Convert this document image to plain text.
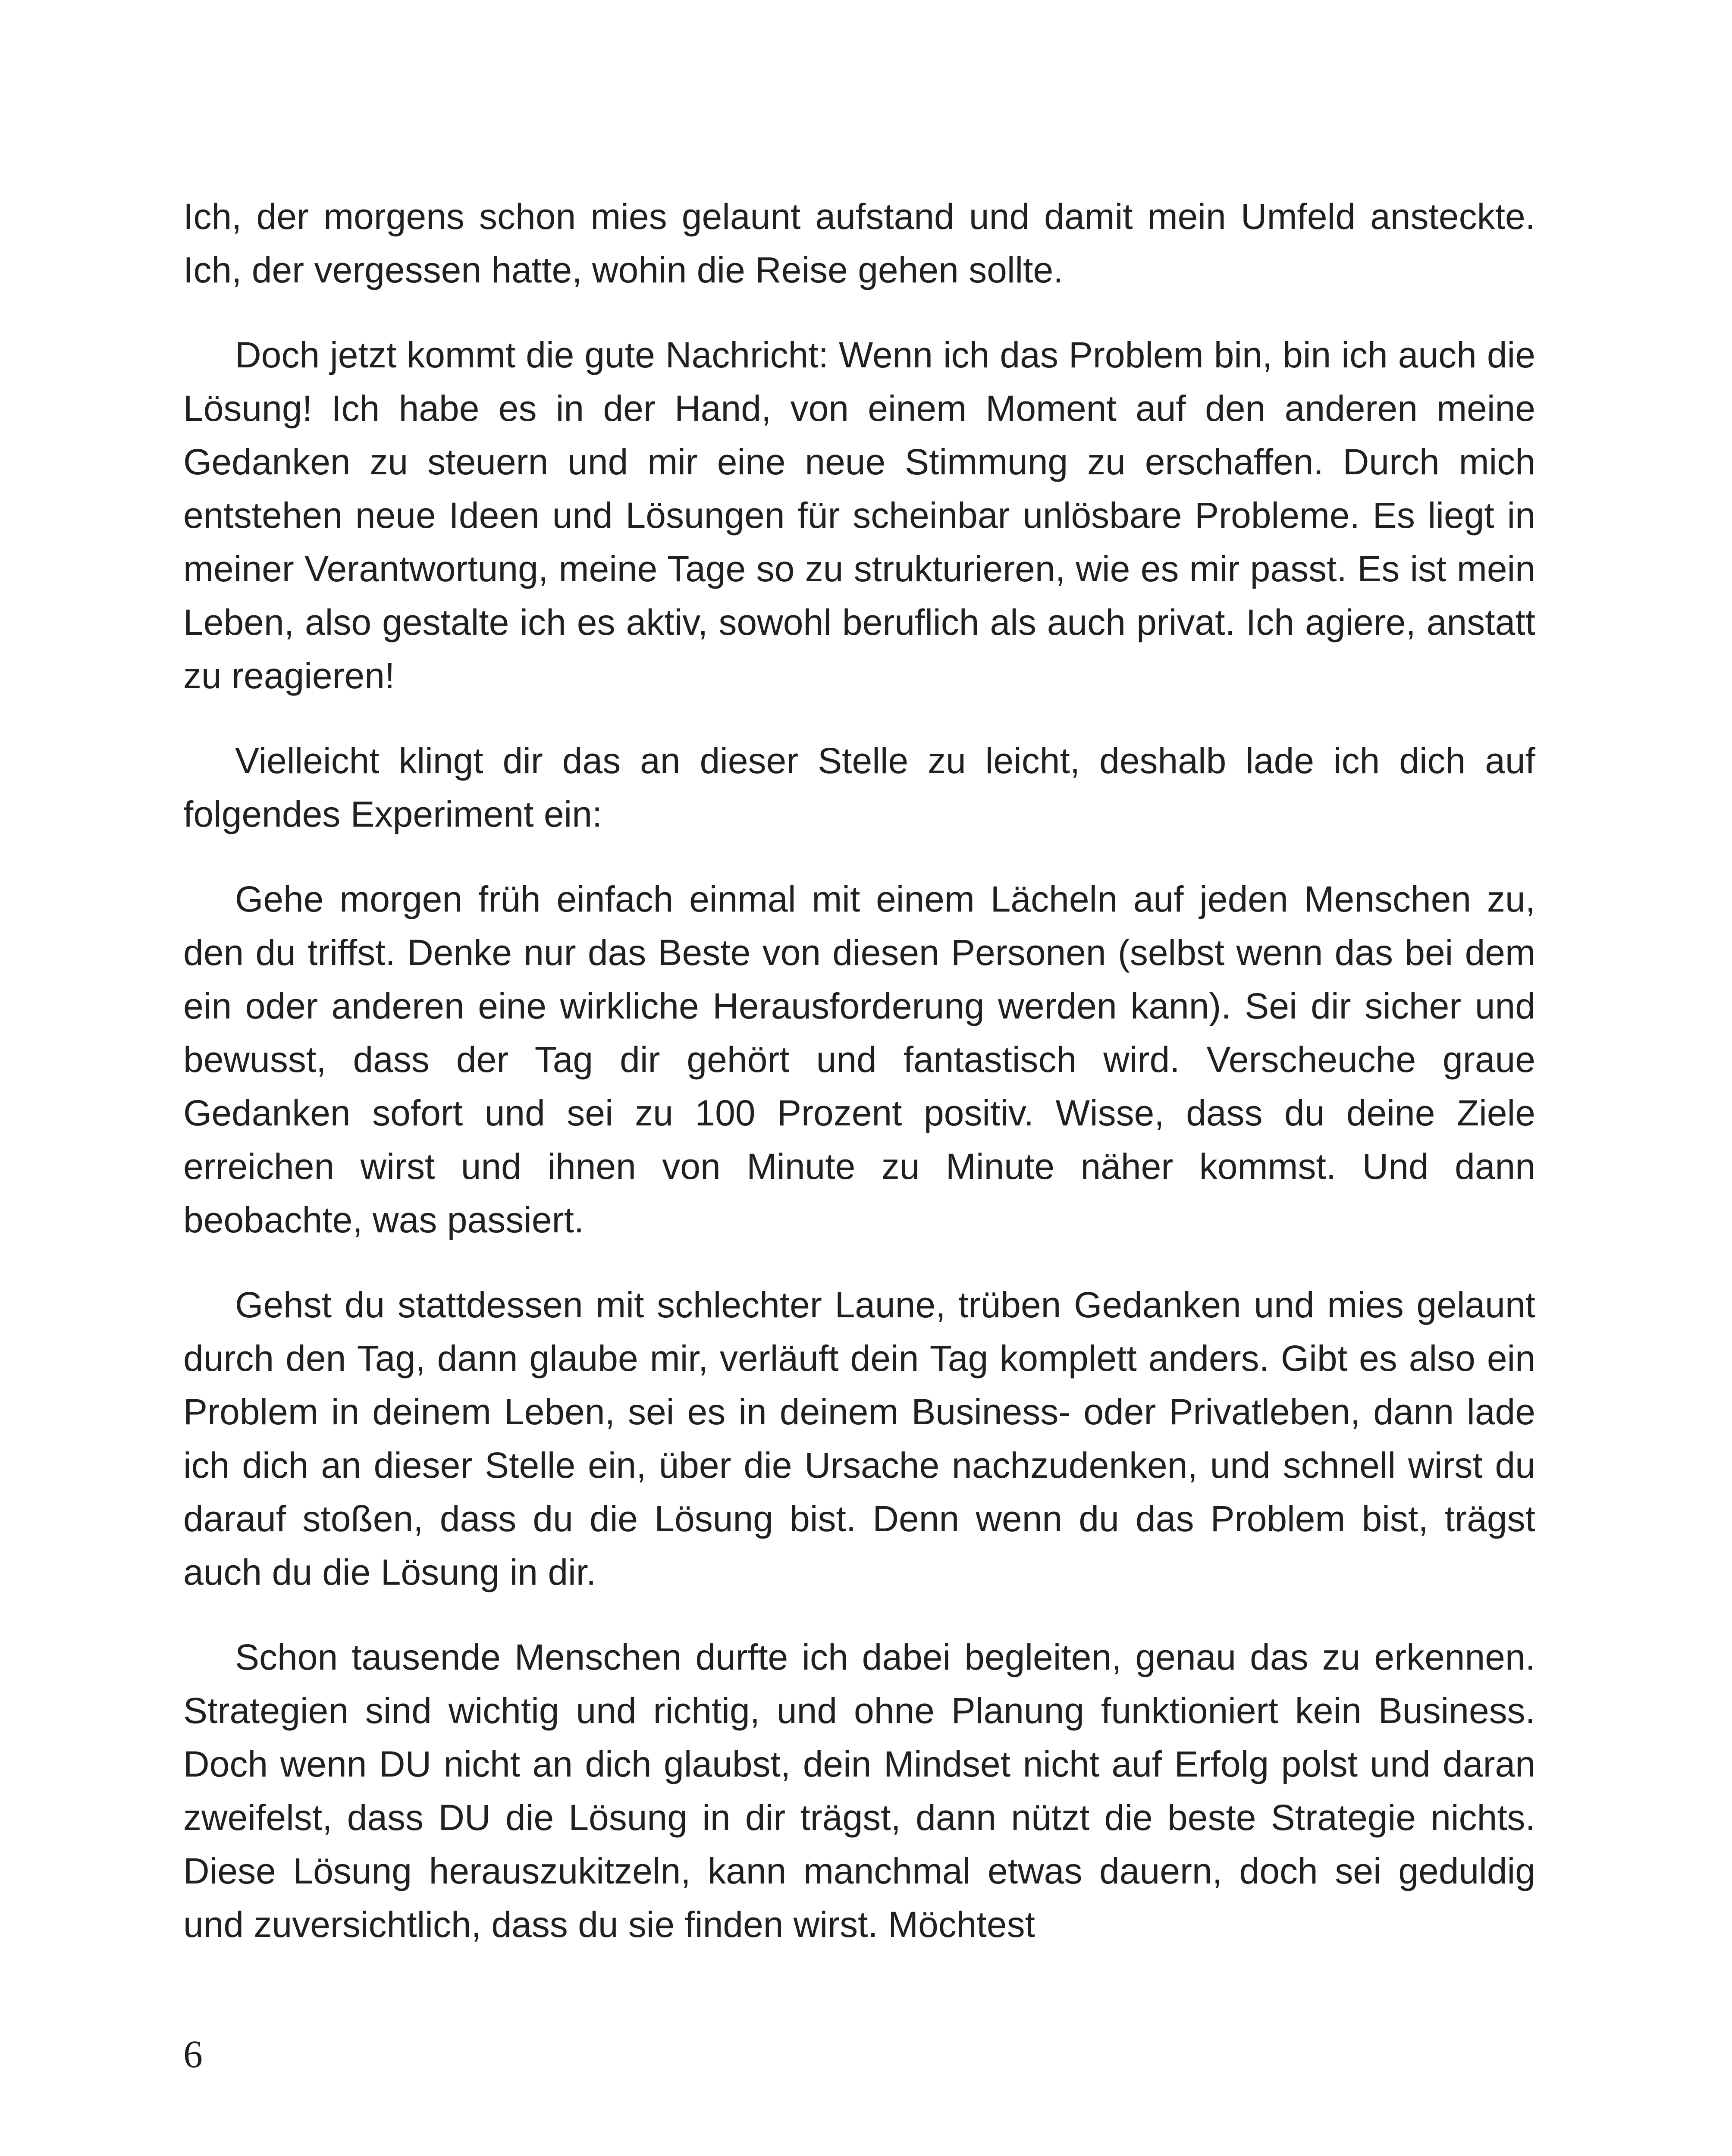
Ich, der morgens schon mies gelaunt aufstand und damit mein Umfeld ansteckte. Ich, der vergessen hatte, wohin die Reise gehen sollte.

Doch jetzt kommt die gute Nachricht: Wenn ich das Problem bin, bin ich auch die Lösung! Ich habe es in der Hand, von einem Moment auf den anderen meine Gedanken zu steuern und mir eine neue Stimmung zu erschaffen. Durch mich entstehen neue Ideen und Lösungen für scheinbar unlösbare Probleme. Es liegt in meiner Verantwortung, meine Tage so zu strukturieren, wie es mir passt. Es ist mein Leben, also gestalte ich es aktiv, sowohl beruflich als auch privat. Ich agiere, anstatt zu reagieren!

Vielleicht klingt dir das an dieser Stelle zu leicht, deshalb lade ich dich auf folgendes Experiment ein:

Gehe morgen früh einfach einmal mit einem Lächeln auf jeden Menschen zu, den du triffst. Denke nur das Beste von diesen Personen (selbst wenn das bei dem ein oder anderen eine wirkliche Herausforderung werden kann). Sei dir sicher und bewusst, dass der Tag dir gehört und fantastisch wird. Verscheuche graue Gedanken sofort und sei zu 100 Prozent positiv. Wisse, dass du deine Ziele erreichen wirst und ihnen von Minute zu Minute näher kommst. Und dann beobachte, was passiert.

Gehst du stattdessen mit schlechter Laune, trüben Gedanken und mies gelaunt durch den Tag, dann glaube mir, verläuft dein Tag komplett anders. Gibt es also ein Problem in deinem Leben, sei es in deinem Business- oder Privatleben, dann lade ich dich an dieser Stelle ein, über die Ursache nachzudenken, und schnell wirst du darauf stoßen, dass du die Lösung bist. Denn wenn du das Problem bist, trägst auch du die Lösung in dir.

Schon tausende Menschen durfte ich dabei begleiten, genau das zu erkennen. Strategien sind wichtig und richtig, und ohne Planung funktioniert kein Business. Doch wenn DU nicht an dich glaubst, dein Mindset nicht auf Erfolg polst und daran zweifelst, dass DU die Lösung in dir trägst, dann nützt die beste Strategie nichts. Diese Lösung herauszukitzeln, kann manchmal etwas dauern, doch sei geduldig und zuversichtlich, dass du sie finden wirst. Möchtest

6
